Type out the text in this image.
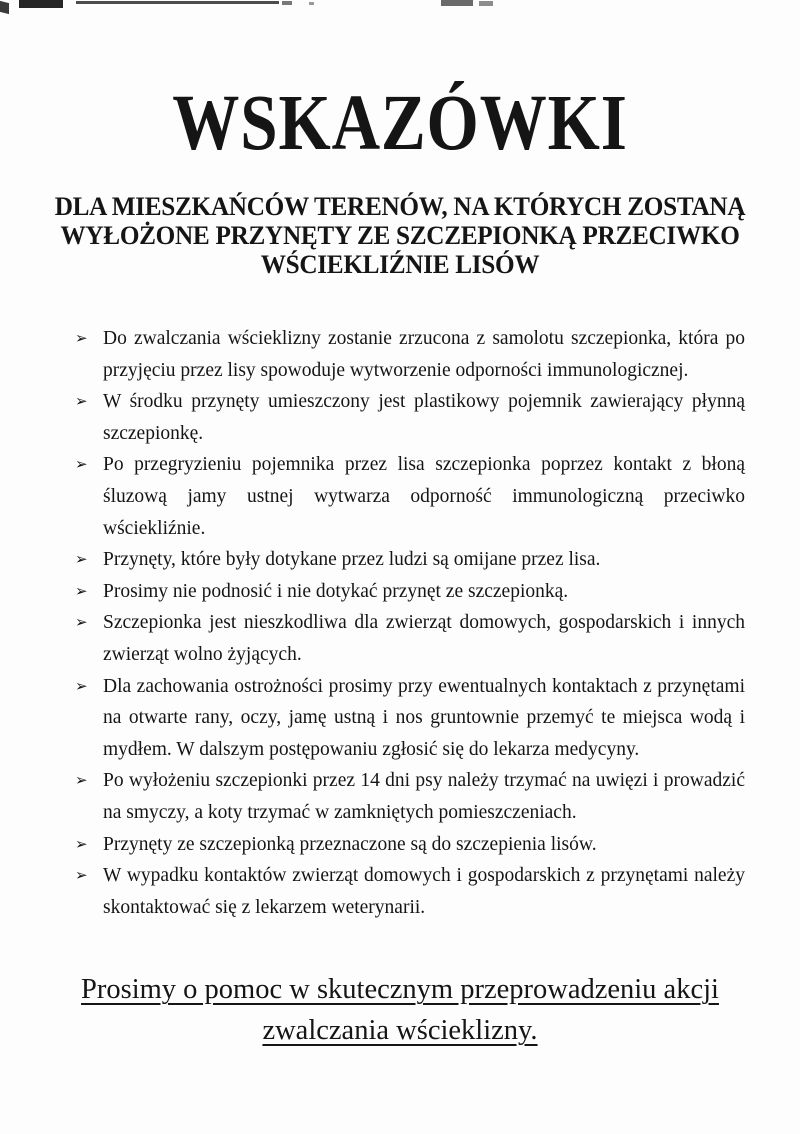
WSKAZÓWKI
DLA MIESZKAŃCÓW TERENÓW, NA KTÓRYCH ZOSTANĄ
WYŁOŻONE PRZYNĘTY ZE SZCZEPIONKĄ PRZECIWKO
WŚCIEKLIŹNIE LISÓW
➢ Do zwalczania wścieklizny zostanie zrzucona z samolotu szczepionka, która po przyjęciu przez lisy spowoduje wytworzenie odporności immunologicznej.
➢ W środku przynęty umieszczony jest plastikowy pojemnik zawierający płynną szczepionkę.
➢ Po przegryzieniu pojemnika przez lisa szczepionka poprzez kontakt z błoną śluzową jamy ustnej wytwarza odporność immunologiczną przeciwko wściekliźnie.
➢ Przynęty, które były dotykane przez ludzi są omijane przez lisa.
➢ Prosimy nie podnosić i nie dotykać przynęt ze szczepionką.
➢ Szczepionka jest nieszkodliwa dla zwierząt domowych, gospodarskich i innych zwierząt wolno żyjących.
➢ Dla zachowania ostrożności prosimy przy ewentualnych kontaktach z przynętami na otwarte rany, oczy, jamę ustną i nos gruntownie przemyć te miejsca wodą i mydłem. W dalszym postępowaniu zgłosić się do lekarza medycyny.
➢ Po wyłożeniu szczepionki przez 14 dni psy należy trzymać na uwięzi i prowadzić na smyczy, a koty trzymać w zamkniętych pomieszczeniach.
➢ Przynęty ze szczepionką przeznaczone są do szczepienia lisów.
➢ W wypadku kontaktów zwierząt domowych i gospodarskich z przynętami należy skontaktować się z lekarzem weterynarii.
Prosimy o pomoc w skutecznym przeprowadzeniu akcji
zwalczania wścieklizny.
